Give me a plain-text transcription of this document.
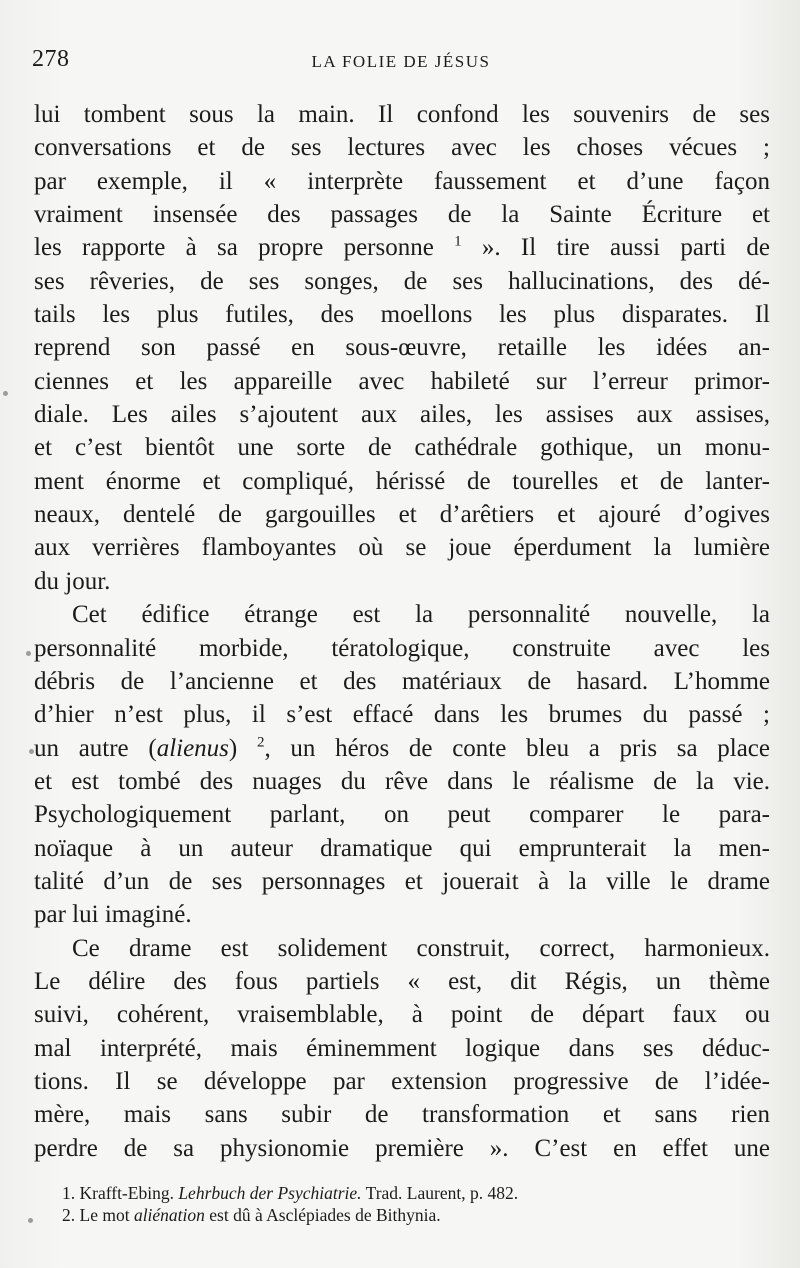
278	LA FOLIE DE JÉSUS
lui tombent sous la main. Il confond les souvenirs de ses
conversations et de ses lectures avec les choses vécues ;
par exemple, il « interprète faussement et d’une façon
vraiment insensée des passages de la Sainte Écriture et
les rapporte à sa propre personne $^1$ ». Il tire aussi parti de
ses rêveries, de ses songes, de ses hallucinations, des dé-
tails les plus futiles, des moellons les plus disparates. Il
reprend son passé en sous-œuvre, retaille les idées an-
ciennes et les appareille avec habileté sur l’erreur primor-
diale. Les ailes s’ajoutent aux ailes, les assises aux assises,
et c’est bientôt une sorte de cathédrale gothique, un monu-
ment énorme et compliqué, hérissé de tourelles et de lanter-
neaux, dentelé de gargouilles et d’arêtiers et ajouré d’ogives
aux verrières flamboyantes où se joue éperdument la lumière
du jour.
Cet édifice étrange est la personnalité nouvelle, la
personnalité morbide, tératologique, construite avec les
débris de l’ancienne et des matériaux de hasard. L’homme
d’hier n’est plus, il s’est effacé dans les brumes du passé ;
un autre (alienus) $^2$, un héros de conte bleu a pris sa place
et est tombé des nuages du rêve dans le réalisme de la vie.
Psychologiquement parlant, on peut comparer le para-
noïaque à un auteur dramatique qui emprunterait la men-
talité d’un de ses personnages et jouerait à la ville le drame
par lui imaginé.
Ce drame est solidement construit, correct, harmonieux.
Le délire des fous partiels « est, dit Régis, un thème
suivi, cohérent, vraisemblable, à point de départ faux ou
mal interprété, mais éminemment logique dans ses déduc-
tions. Il se développe par extension progressive de l’idée-
mère, mais sans subir de transformation et sans rien
perdre de sa physionomie première ». C’est en effet une
1. Krafft-Ebing. Lehrbuch der Psychiatrie. Trad. Laurent, p. 482.
2. Le mot aliénation est dû à Asclépiades de Bithynia.
